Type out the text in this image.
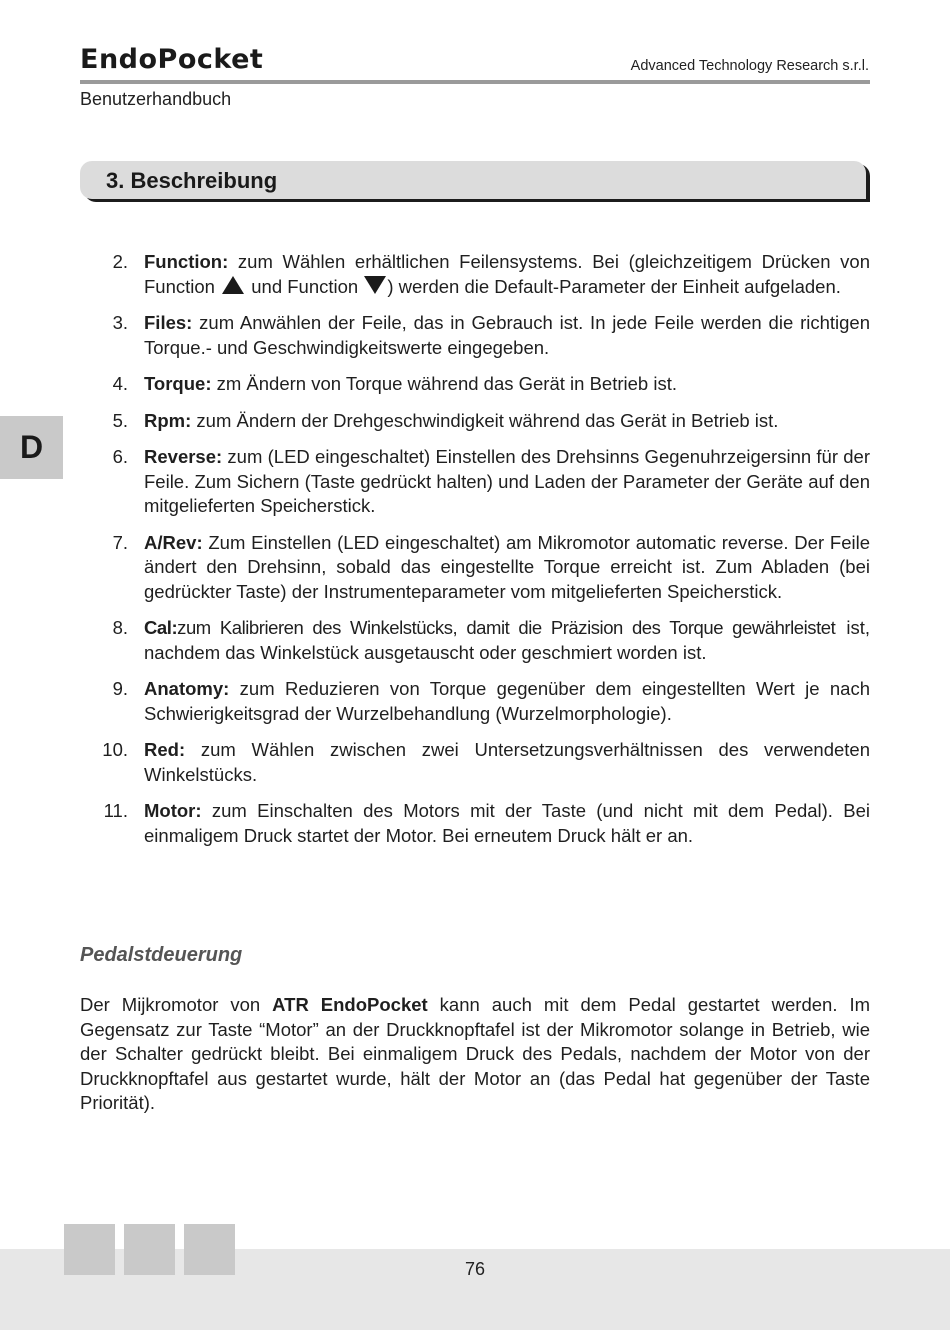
EndoPocket	Advanced Technology Research s.r.l.
Benutzerhandbuch
3. Beschreibung
D
2. Function: zum Wählen erhältlichen Feilensystems. Bei (gleichzeitigem Drücken von Function  und Function ) werden die Default-Parameter der Einheit aufgeladen.
3. Files: zum Anwählen der Feile, das in Gebrauch ist. In jede Feile werden die richtigen Torque.- und Geschwindigkeitswerte eingegeben.
4. Torque: zm Ändern von Torque während das Gerät in Betrieb ist.
5. Rpm: zum Ändern der Drehgeschwindigkeit während das Gerät in Betrieb ist.
6. Reverse: zum (LED eingeschaltet) Einstellen des Drehsinns Gegenuhrzeigersinn für der Feile. Zum Sichern (Taste gedrückt halten) und Laden der Parameter der Geräte auf den mitgelieferten Speicherstick.
7. A/Rev: Zum Einstellen (LED eingeschaltet) am Mikromotor automatic reverse. Der Feile ändert den Drehsinn, sobald das eingestellte Torque erreicht ist. Zum Abladen (bei gedrückter Taste) der Instrumenteparameter vom mitgelieferten Speicherstick.
8. Cal:zum Kalibrieren des Winkelstücks, damit die Präzision des Torque gewährleistet ist, nachdem das Winkelstück ausgetauscht oder geschmiert worden ist.
9. Anatomy: zum Reduzieren von Torque gegenüber dem eingestellten Wert je nach Schwierigkeitsgrad der Wurzelbehandlung (Wurzelmorphologie).
10. Red: zum Wählen zwischen zwei Untersetzungsverhältnissen des verwendeten Winkelstücks.
11. Motor: zum Einschalten des Motors mit der Taste (und nicht mit dem Pedal). Bei einmaligem Druck startet der Motor. Bei erneutem Druck hält er an.
Pedalstdeuerung

Der Mijkromotor von ATR EndoPocket kann auch mit dem Pedal gestartet werden. Im Gegensatz zur Taste “Motor” an der Druckknopftafel ist der Mikromotor solange in Betrieb, wie der Schalter gedrückt bleibt. Bei einmaligem Druck des Pedals, nachdem der Motor von der Druckknopftafel aus gestartet wurde, hält der Motor an (das Pedal hat gegenüber der Taste Priorität).

76
